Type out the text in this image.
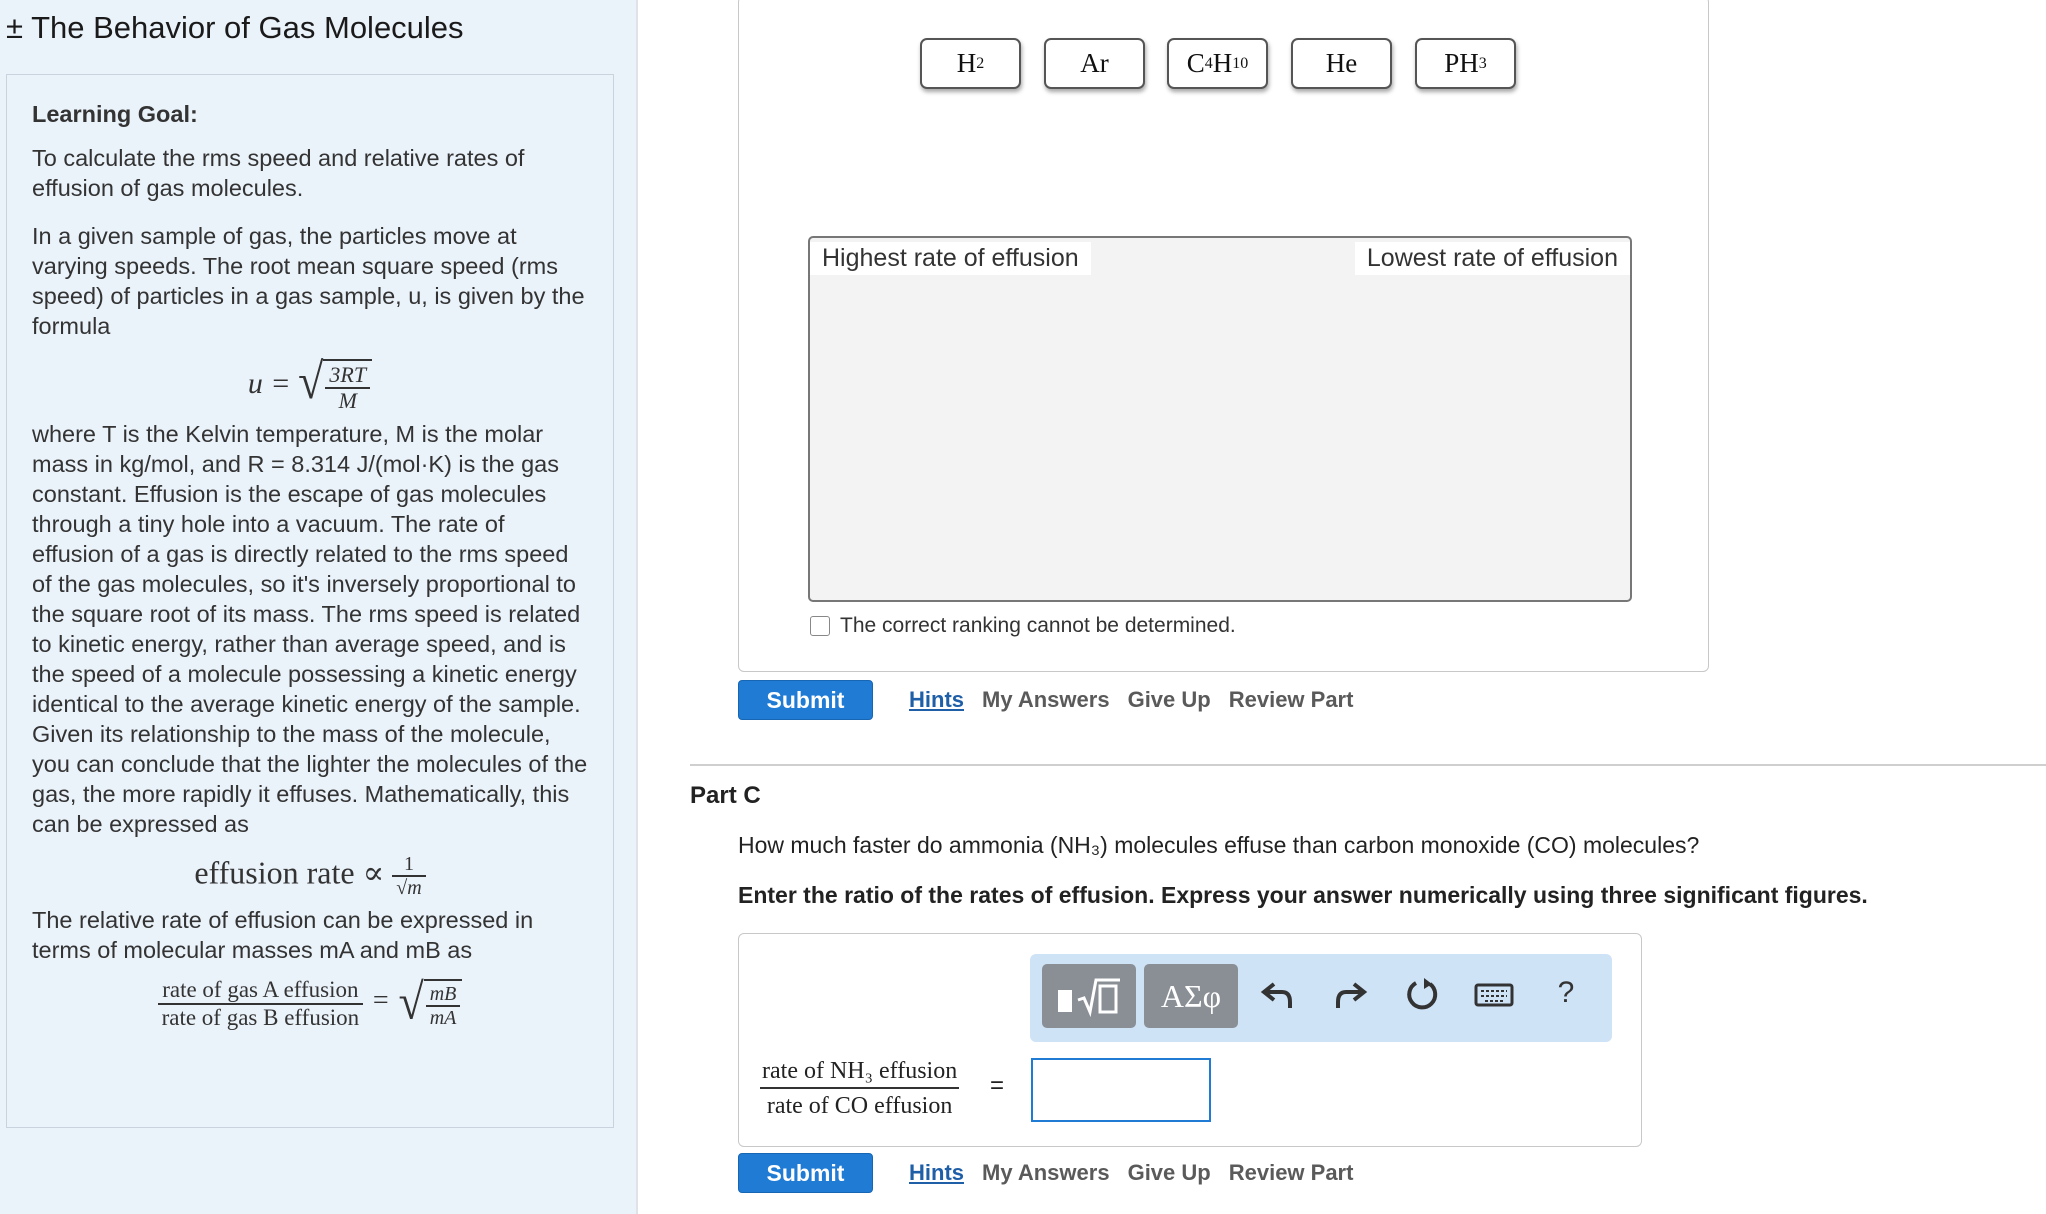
± The Behavior of Gas Molecules

Learning Goal:

To calculate the rms speed and relative rates of effusion of gas molecules.

In a given sample of gas, the particles move at varying speeds. The root mean square speed (rms speed) of particles in a gas sample, u, is given by the formula

u = √ $\frac{3RT}{M}$

where T is the Kelvin temperature, M is the molar mass in kg/mol, and R = 8.314 J/(mol·K) is the gas constant. Effusion is the escape of gas molecules through a tiny hole into a vacuum. The rate of effusion of a gas is directly related to the rms speed of the gas molecules, so it's inversely proportional to the square root of its mass. The rms speed is related to kinetic energy, rather than average speed, and is the speed of a molecule possessing a kinetic energy identical to the average kinetic energy of the sample. Given its relationship to the mass of the molecule, you can conclude that the lighter the molecules of the gas, the more rapidly it effuses. Mathematically, this can be expressed as

effusion rate ∝ $\frac{1}{√m}$

The relative rate of effusion can be expressed in terms of molecular masses mA and mB as

$\frac{\text{rate of gas A effusion}}{\text{rate of gas B effusion}}$ = √ $\frac{mB}{mA}$
H 2	Ar	C 4 H 10	He	PH 3
Highest rate of effusion	Lowest rate of effusion
The correct ranking cannot be determined.
Submit	Hints My Answers Give Up Review Part
Part C
How much faster do ammonia (NH₃) molecules effuse than carbon monoxide (CO) molecules?
Enter the ratio of the rates of effusion. Express your answer numerically using three significant figures.
ΑΣφ	?
rate of NH₃ effusion
rate of CO effusion
=
Submit	Hints My Answers Give Up Review Part
